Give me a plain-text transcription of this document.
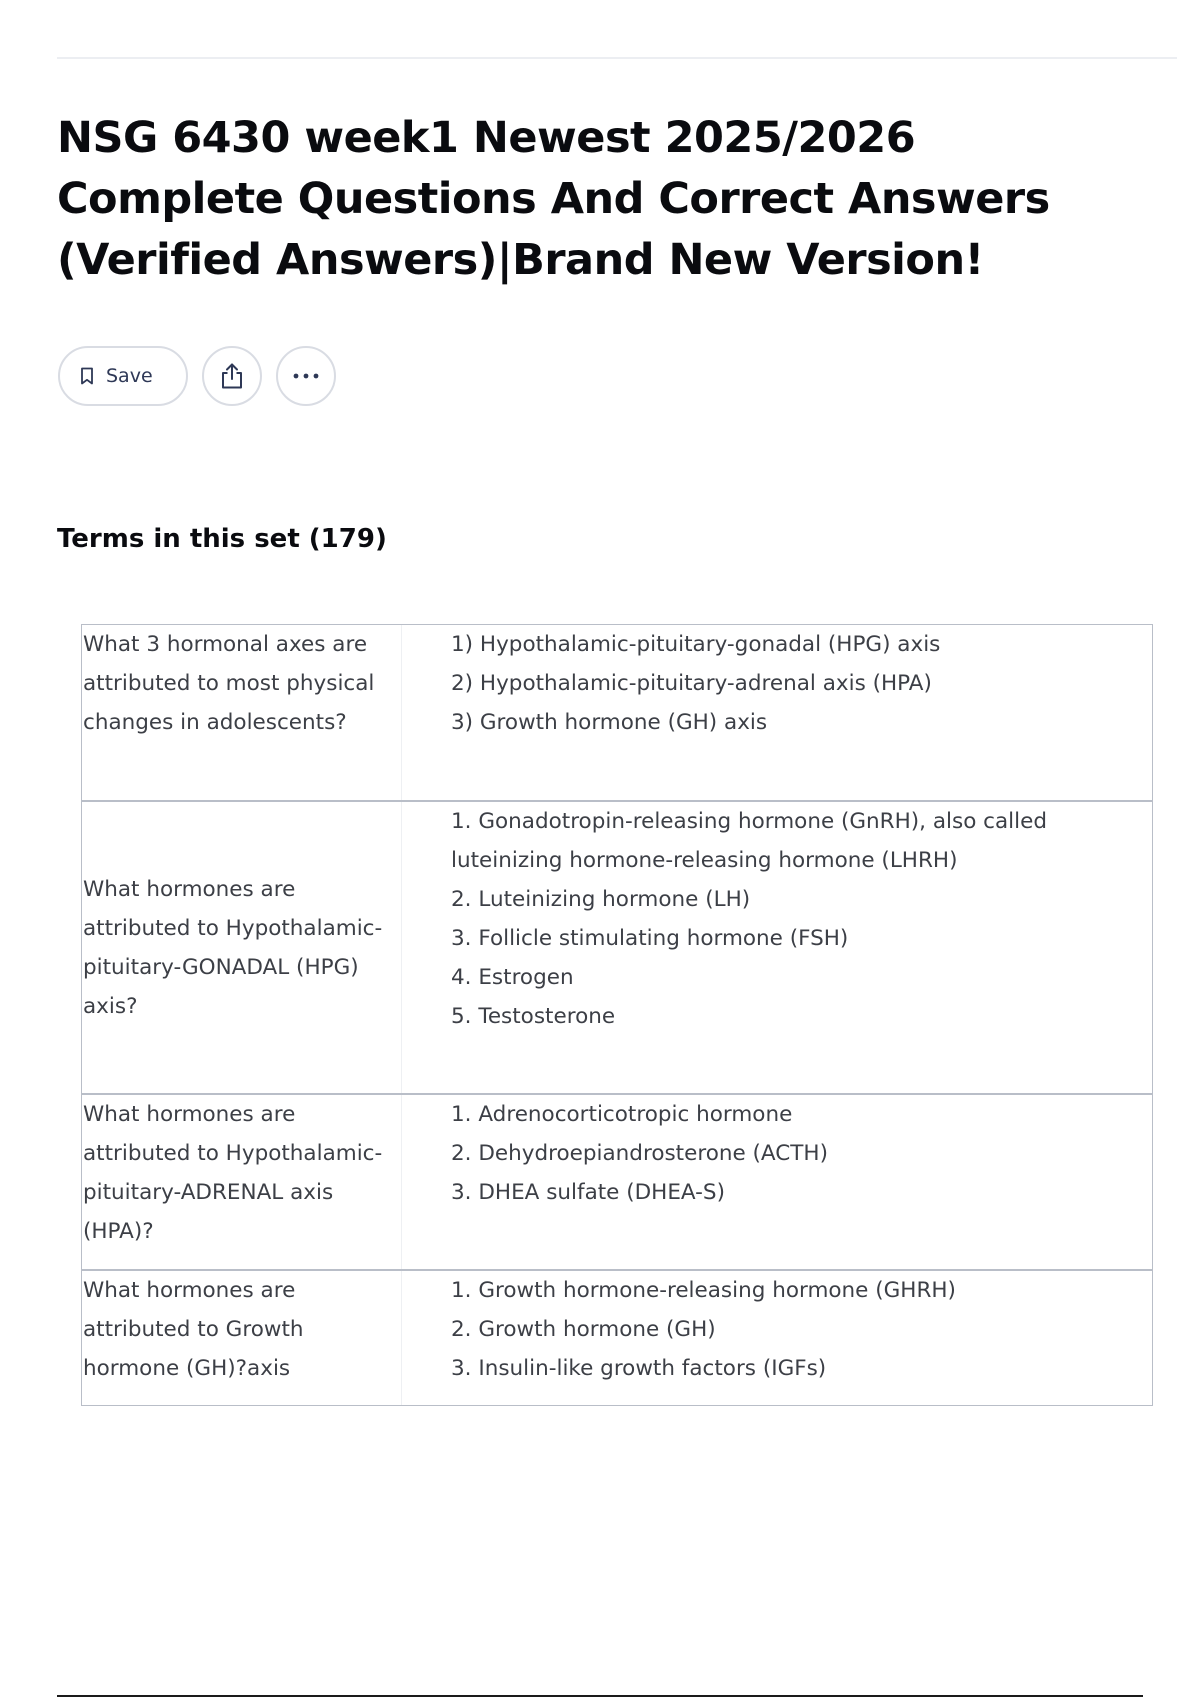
NSG 6430 week1 Newest 2025/2026 Complete Questions And Correct Answers (Verified Answers)|Brand New Version!
Save
Terms in this set (179)
What 3 hormonal axes are attributed to most physical changes in adolescents?
1) Hypothalamic-pituitary-gonadal (HPG) axis
2) Hypothalamic-pituitary-adrenal axis (HPA)
3) Growth hormone (GH) axis
What hormones are attributed to Hypothalamic-pituitary-GONADAL (HPG) axis?
1. Gonadotropin-releasing hormone (GnRH), also called luteinizing hormone-releasing hormone (LHRH)
2. Luteinizing hormone (LH)
3. Follicle stimulating hormone (FSH)
4. Estrogen
5. Testosterone
What hormones are attributed to Hypothalamic-pituitary-ADRENAL axis (HPA)?
1. Adrenocorticotropic hormone
2. Dehydroepiandrosterone (ACTH)
3. DHEA sulfate (DHEA-S)
What hormones are attributed to Growth hormone (GH)?axis
1. Growth hormone-releasing hormone (GHRH)
2. Growth hormone (GH)
3. Insulin-like growth factors (IGFs)
